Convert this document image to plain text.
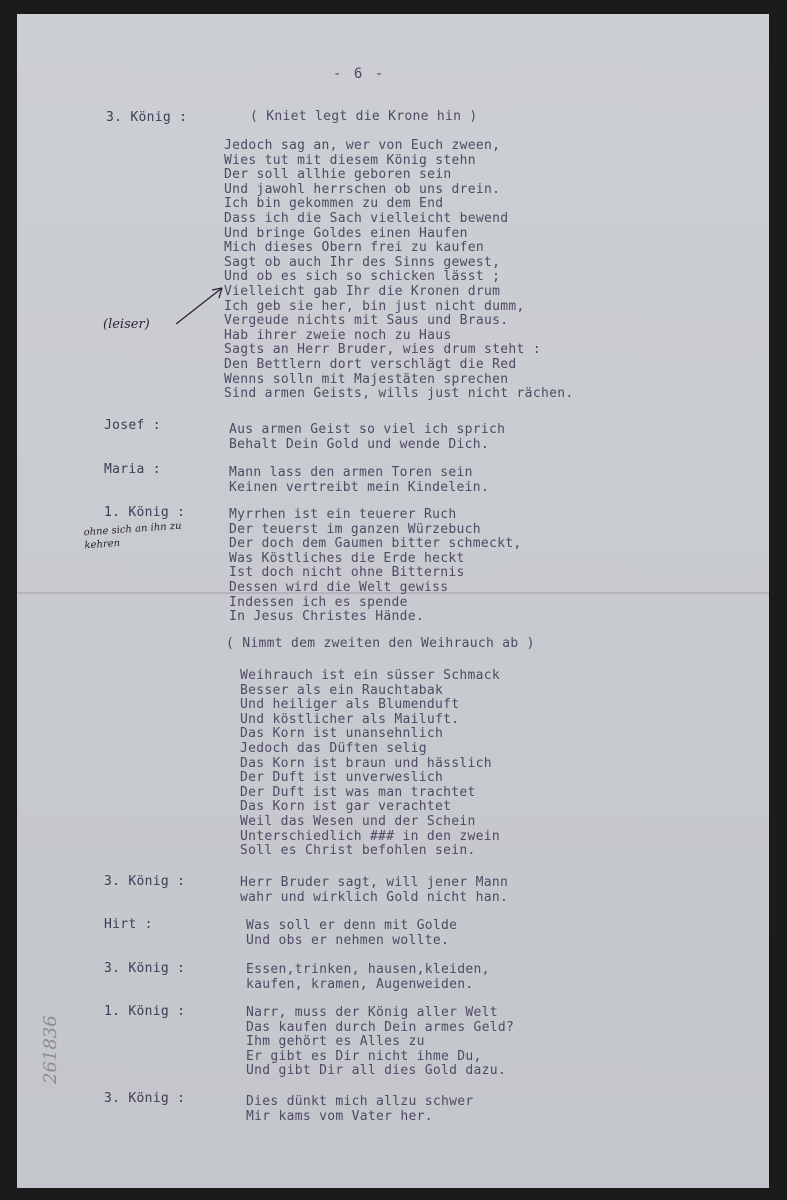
- 6 -
261836
3. König :	( Kniet legt die Krone hin )
Jedoch sag an, wer von Euch zween,
Wies tut mit diesem König stehn
Der soll allhie geboren sein
Und jawohl herrschen ob uns drein.
Ich bin gekommen zu dem End
Dass ich die Sach vielleicht bewend
Und bringe Goldes einen Haufen
Mich dieses Obern frei zu kaufen
Sagt ob auch Ihr des Sinns gewest,
Und ob es sich so schicken lässt ;
Vielleicht gab Ihr die Kronen drum
Ich geb sie her, bin just nicht dumm,
Vergeude nichts mit Saus und Braus.
Hab ihrer zweie noch zu Haus
Sagts an Herr Bruder, wies drum steht :
Den Bettlern dort verschlägt die Red
Wenns solln mit Majestäten sprechen
Sind armen Geists, wills just nicht rächen.
(leiser)
Josef :	Aus armen Geist so viel ich sprich
Behalt Dein Gold und wende Dich.
Maria :	Mann lass den armen Toren sein
Keinen vertreibt mein Kindelein.
1. König :	Myrrhen ist ein teuerer Ruch
Der teuerst im ganzen Würzebuch
Der doch dem Gaumen bitter schmeckt,
Was Köstliches die Erde heckt
Ist doch nicht ohne Bitternis
Dessen wird die Welt gewiss
Indessen ich es spende
In Jesus Christes Hände.
ohne sich an ihn zu
kehren
( Nimmt dem zweiten den Weihrauch ab )
Weihrauch ist ein süsser Schmack
Besser als ein Rauchtabak
Und heiliger als Blumenduft
Und köstlicher als Mailuft.
Das Korn ist unansehnlich
Jedoch das Düften selig
Das Korn ist braun und hässlich
Der Duft ist unverweslich
Der Duft ist was man trachtet
Das Korn ist gar verachtet
Weil das Wesen und der Schein
Unterschiedlich ### in den zwein
Soll es Christ befohlen sein.
3. König :	Herr Bruder sagt, will jener Mann
wahr und wirklich Gold nicht han.
Hirt :	Was soll er denn mit Golde
Und obs er nehmen wollte.
3. König :	Essen,trinken, hausen,kleiden,
kaufen, kramen, Augenweiden.
1. König :	Narr, muss der König aller Welt
Das kaufen durch Dein armes Geld?
Ihm gehört es Alles zu
Er gibt es Dir nicht ihme Du,
Und gibt Dir all dies Gold dazu.
3. König :	Dies dünkt mich allzu schwer
Mir kams vom Vater her.
